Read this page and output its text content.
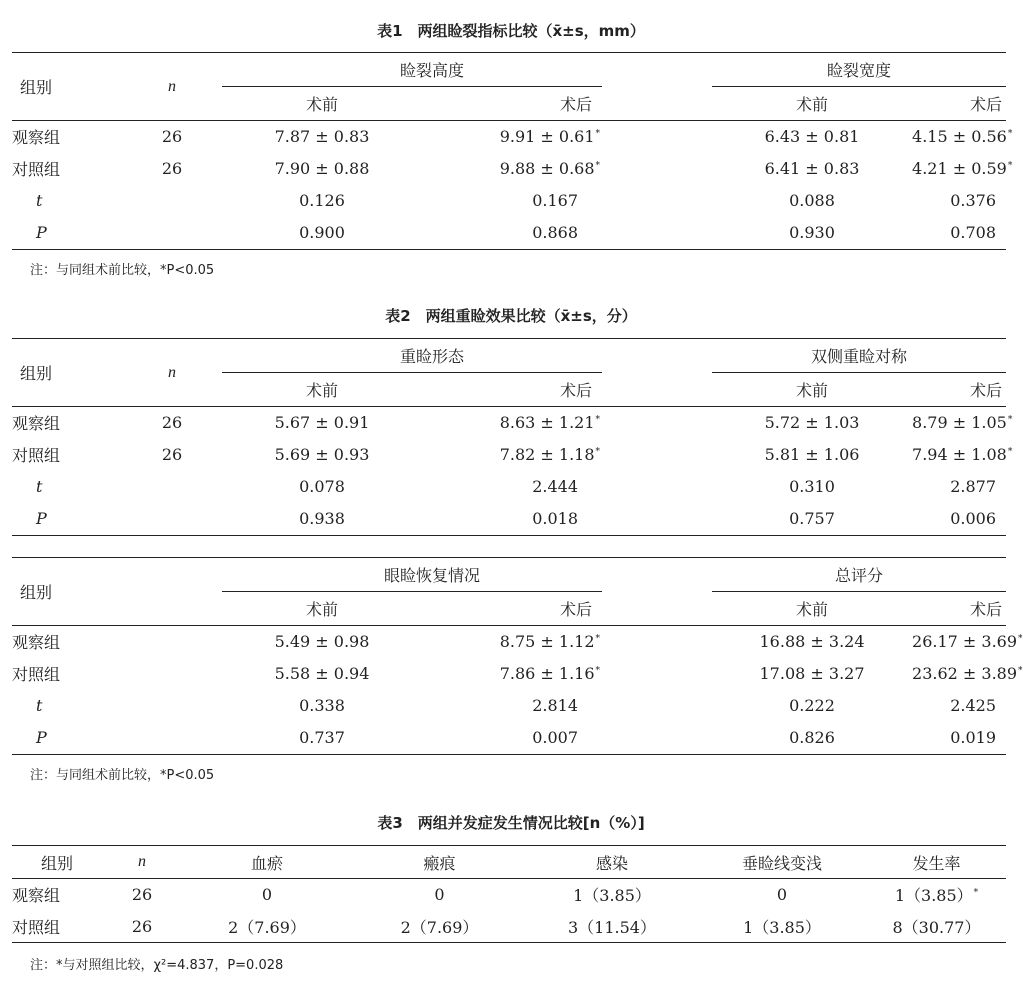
表1　两组睑裂指标比较（x̄±s，mm）
组别	n	睑裂高度			睑裂宽度	
		术前	术后		术前	术后
观察组	26	7.87 ± 0.83	9.91 ± 0.61*		6.43 ± 0.81	4.15 ± 0.56*
对照组	26	7.90 ± 0.88	9.88 ± 0.68*		6.41 ± 0.83	4.21 ± 0.59*
t		0.126	0.167		0.088	0.376
P		0.900	0.868		0.930	0.708
注：与同组术前比较，*P<0.05
表2　两组重睑效果比较（x̄±s，分）
组别	n	重睑形态			双侧重睑对称	
		术前	术后		术前	术后
观察组	26	5.67 ± 0.91	8.63 ± 1.21*		5.72 ± 1.03	8.79 ± 1.05*
对照组	26	5.69 ± 0.93	7.82 ± 1.18*		5.81 ± 1.06	7.94 ± 1.08*
t		0.078	2.444		0.310	2.877
P		0.938	0.018		0.757	0.006
组别		眼睑恢复情况			总评分	
		术前	术后		术前	术后
观察组		5.49 ± 0.98	8.75 ± 1.12*		16.88 ± 3.24	26.17 ± 3.69*
对照组		5.58 ± 0.94	7.86 ± 1.16*		17.08 ± 3.27	23.62 ± 3.89*
t		0.338	2.814		0.222	2.425
P		0.737	0.007		0.826	0.019
注：与同组术前比较，*P<0.05
表3　两组并发症发生情况比较[n（%）]
组别	n	血瘀	瘢痕	感染	垂睑线变浅	发生率
观察组	26	0	0	1（3.85）	0	1（3.85）*
对照组	26	2（7.69）	2（7.69）	3（11.54）	1（3.85）	8（30.77）
注：*与对照组比较，χ²=4.837，P=0.028
